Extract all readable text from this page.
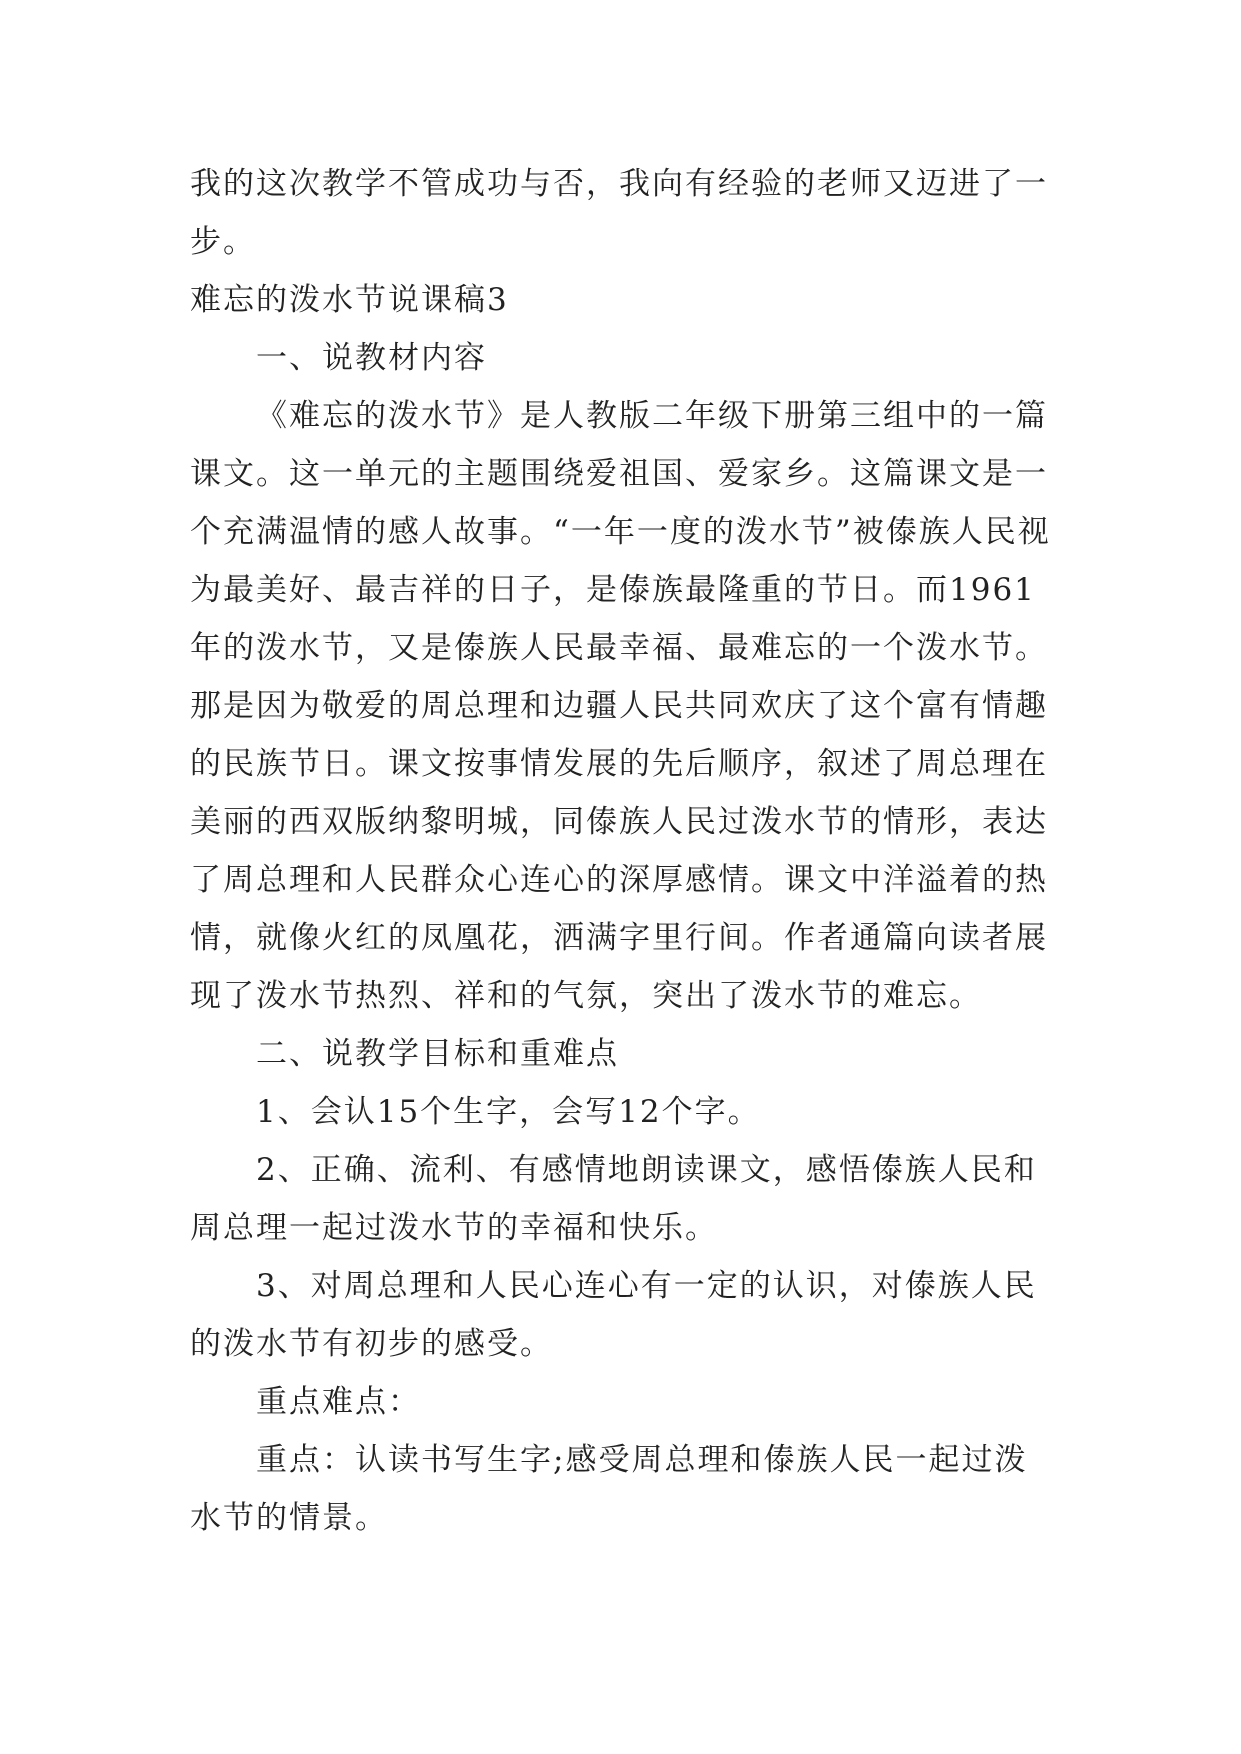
我的这次教学不管成功与否，我向有经验的老师又迈进了一步。

难忘的泼水节说课稿3

一、说教材内容

《难忘的泼水节》是人教版二年级下册第三组中的一篇课文。这一单元的主题围绕爱祖国、爱家乡。这篇课文是一个充满温情的感人故事。“一年一度的泼水节”被傣族人民视为最美好、最吉祥的日子，是傣族最隆重的节日。而1961年的泼水节，又是傣族人民最幸福、最难忘的一个泼水节。那是因为敬爱的周总理和边疆人民共同欢庆了这个富有情趣的民族节日。课文按事情发展的先后顺序，叙述了周总理在美丽的西双版纳黎明城，同傣族人民过泼水节的情形，表达了周总理和人民群众心连心的深厚感情。课文中洋溢着的热情，就像火红的凤凰花，洒满字里行间。作者通篇向读者展现了泼水节热烈、祥和的气氛，突出了泼水节的难忘。

二、说教学目标和重难点

1、会认15个生字，会写12个字。

2、正确、流利、有感情地朗读课文，感悟傣族人民和周总理一起过泼水节的幸福和快乐。

3、对周总理和人民心连心有一定的认识，对傣族人民的泼水节有初步的感受。

重点难点：

重点：认读书写生字;感受周总理和傣族人民一起过泼水节的情景。
